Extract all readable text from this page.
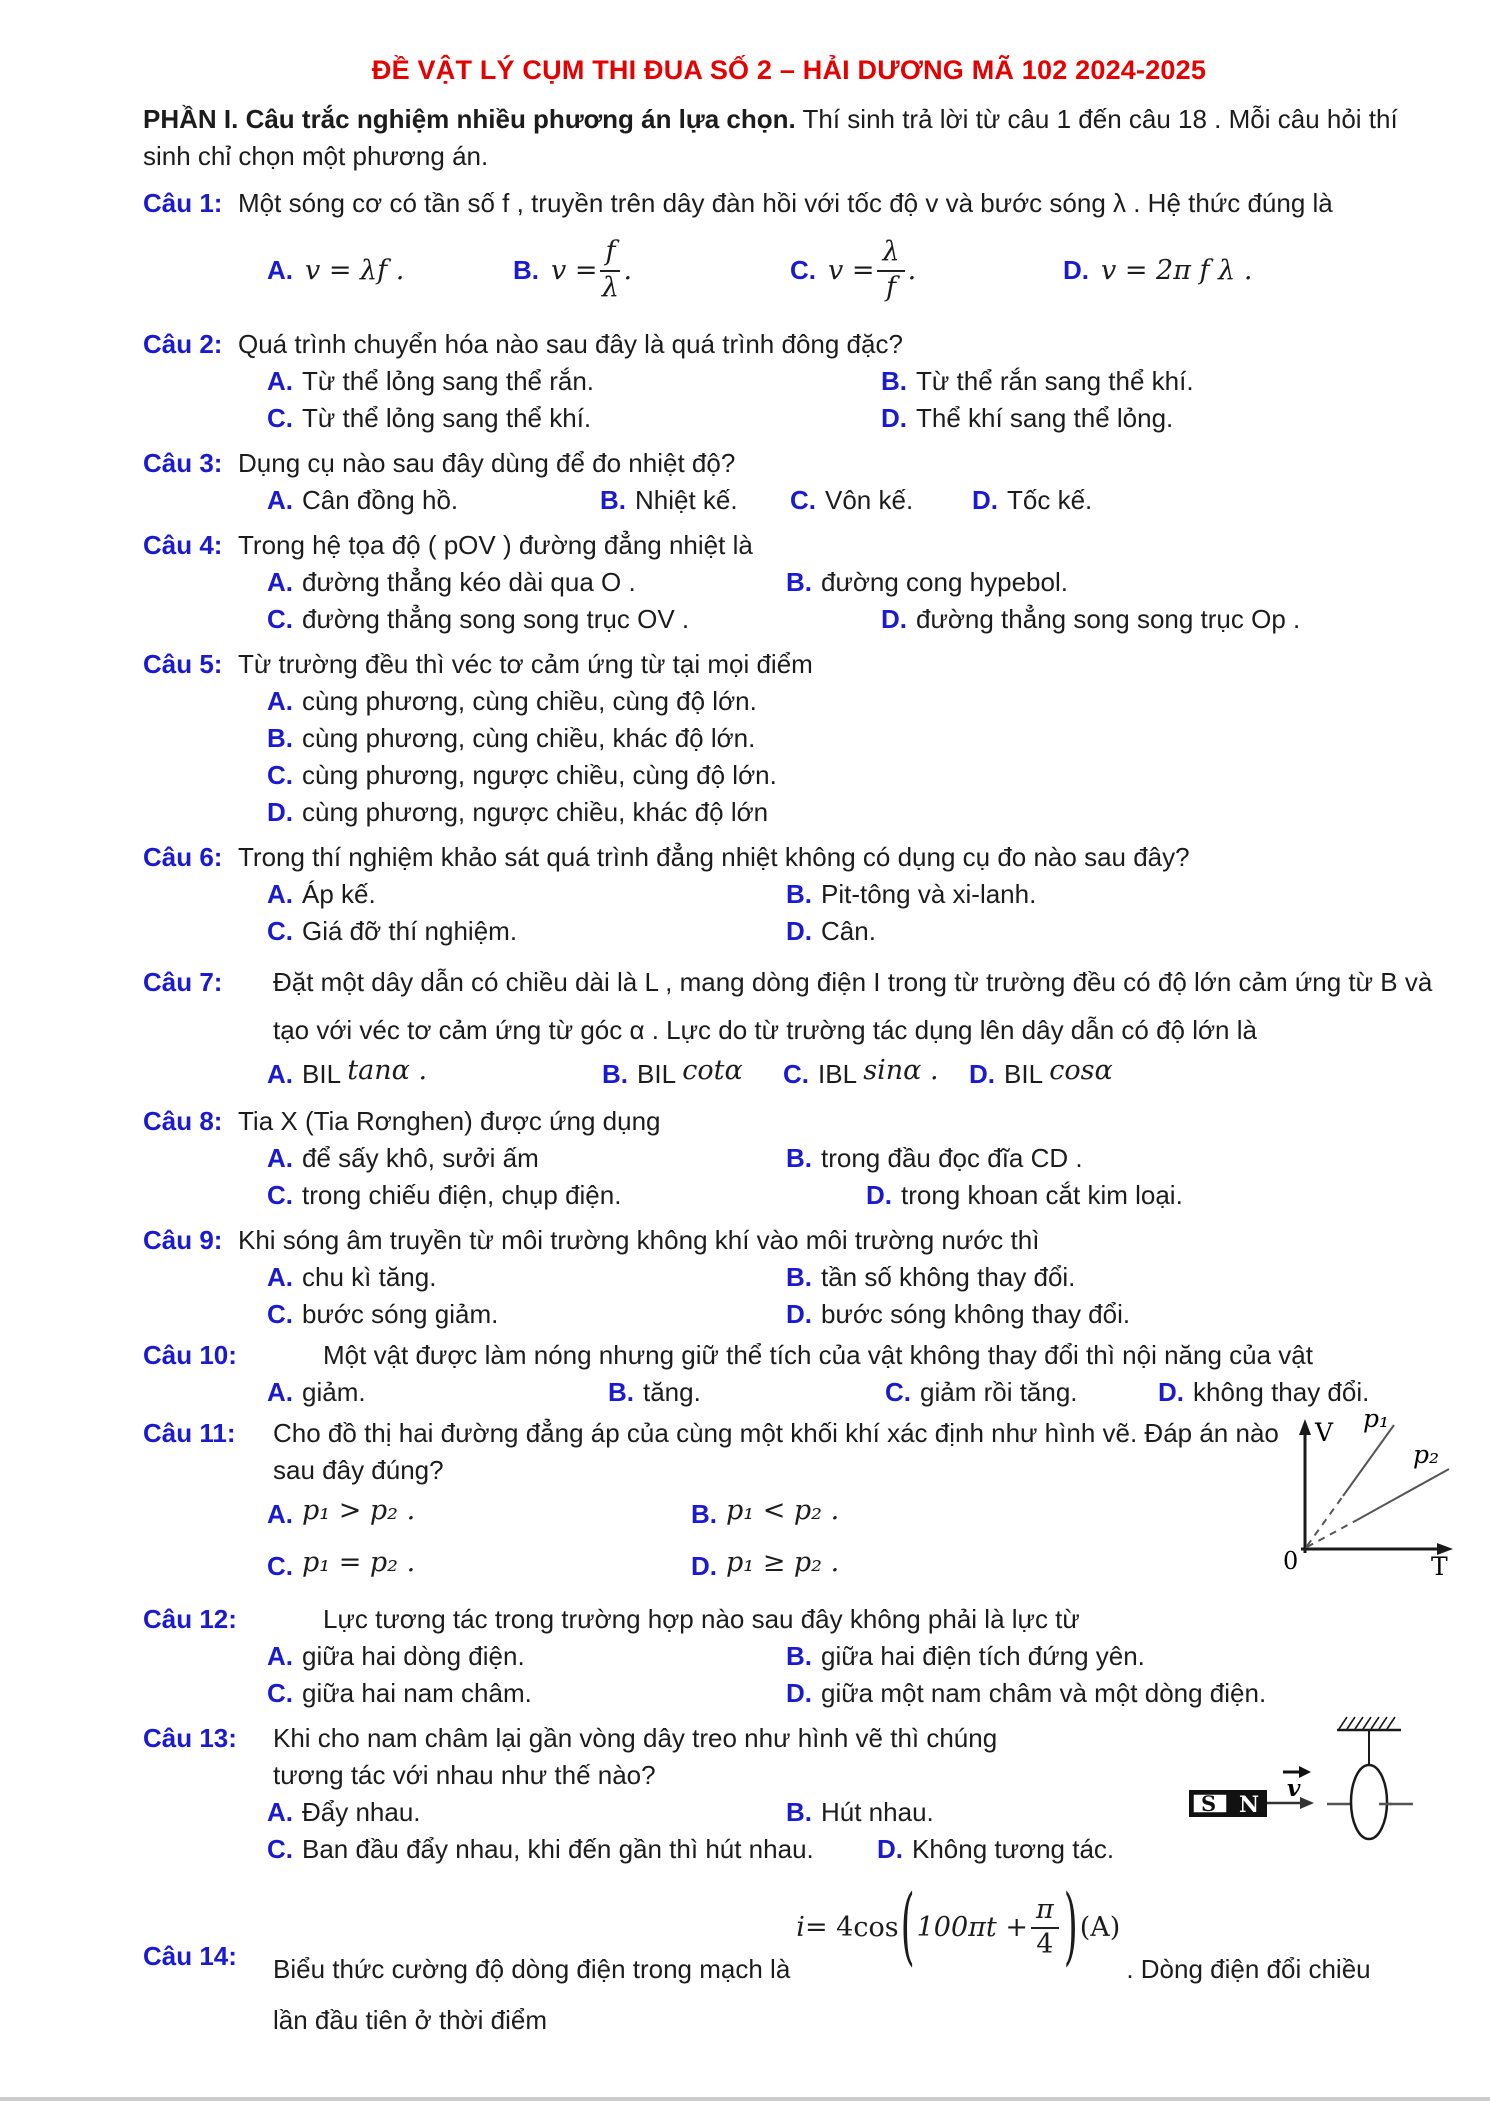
ĐỀ VẬT LÝ CỤM THI ĐUA SỐ 2 – HẢI DƯƠNG MÃ 102 2024-2025
PHẦN I. Câu trắc nghiệm nhiều phương án lựa chọn. Thí sinh trả lời từ câu 1 đến câu 18 . Mỗi câu hỏi thí sinh chỉ chọn một phương án.
Câu 1: Một sóng cơ có tần số f , truyền trên dây đàn hồi với tốc độ v và bước sóng λ . Hệ thức đúng là
A. v = λf .	B. $v = \frac{f}{\lambda}$ .	C. $v = \frac{\lambda}{f}$ .	D. v = 2π f λ .
Câu 2: Quá trình chuyển hóa nào sau đây là quá trình đông đặc?
A. Từ thể lỏng sang thể rắn.	B. Từ thể rắn sang thể khí.
C. Từ thể lỏng sang thể khí.	D. Thể khí sang thể lỏng.
Câu 3: Dụng cụ nào sau đây dùng để đo nhiệt độ?
A. Cân đồng hồ.	B. Nhiệt kế.	C. Vôn kế.	D. Tốc kế.
Câu 4: Trong hệ tọa độ ( pOV ) đường đẳng nhiệt là
A. đường thẳng kéo dài qua O .	B. đường cong hypebol.
C. đường thẳng song song trục OV .	D. đường thẳng song song trục Op .
Câu 5: Từ trường đều thì véc tơ cảm ứng từ tại mọi điểm
A. cùng phương, cùng chiều, cùng độ lớn.
B. cùng phương, cùng chiều, khác độ lớn.
C. cùng phương, ngược chiều, cùng độ lớn.
D. cùng phương, ngược chiều, khác độ lớn
Câu 6: Trong thí nghiệm khảo sát quá trình đẳng nhiệt không có dụng cụ đo nào sau đây?
A. Áp kế.	B. Pit-tông và xi-lanh.
C. Giá đỡ thí nghiệm.	D. Cân.
Câu 7:	Đặt một dây dẫn có chiều dài là L , mang dòng điện I trong từ trường đều có độ lớn cảm ứng từ B và tạo với véc tơ cảm ứng từ góc α . Lực do từ trường tác dụng lên dây dẫn có độ lớn là
A. BIL tanα .	B. BIL cotα	C. IBL sinα .	D. BIL cosα
Câu 8: Tia X (Tia Rơnghen) được ứng dụng
A. để sấy khô, sưởi ấm	B. trong đầu đọc đĩa CD .
C. trong chiếu điện, chụp điện.	D. trong khoan cắt kim loại.
Câu 9: Khi sóng âm truyền từ môi trường không khí vào môi trường nước thì
A. chu kì tăng.	B. tần số không thay đổi.
C. bước sóng giảm.	D. bước sóng không thay đổi.
Câu 10:	Một vật được làm nóng nhưng giữ thể tích của vật không thay đổi thì nội năng của vật
A. giảm.	B. tăng.	C. giảm rồi tăng.	D. không thay đổi.
Câu 11:	Cho đồ thị hai đường đẳng áp của cùng một khối khí xác định như hình vẽ. Đáp án nào sau đây đúng?
A. p₁ > p₂ .	B. p₁ < p₂ .
C. p₁ = p₂ .	D. p₁ ≥ p₂ .
V p₁
p₂
0	T
Câu 12:	Lực tương tác trong trường hợp nào sau đây không phải là lực từ
A. giữa hai dòng điện.	B. giữa hai điện tích đứng yên.
C. giữa hai nam châm.	D. giữa một nam châm và một dòng điện.
Câu 13:	Khi cho nam châm lại gần vòng dây treo như hình vẽ thì chúng tương tác với nhau như thế nào?
A. Đẩy nhau.	B. Hút nhau.
C. Ban đầu đẩy nhau, khi đến gần thì hút nhau.	D. Không tương tác.
S N
v
Câu 14: Biểu thức cường độ dòng điện trong mạch là
i = 4cos ( $100\pi t + \frac{\pi}{4}$ ) (A)
. Dòng điện đổi chiều
lần đầu tiên ở thời điểm
